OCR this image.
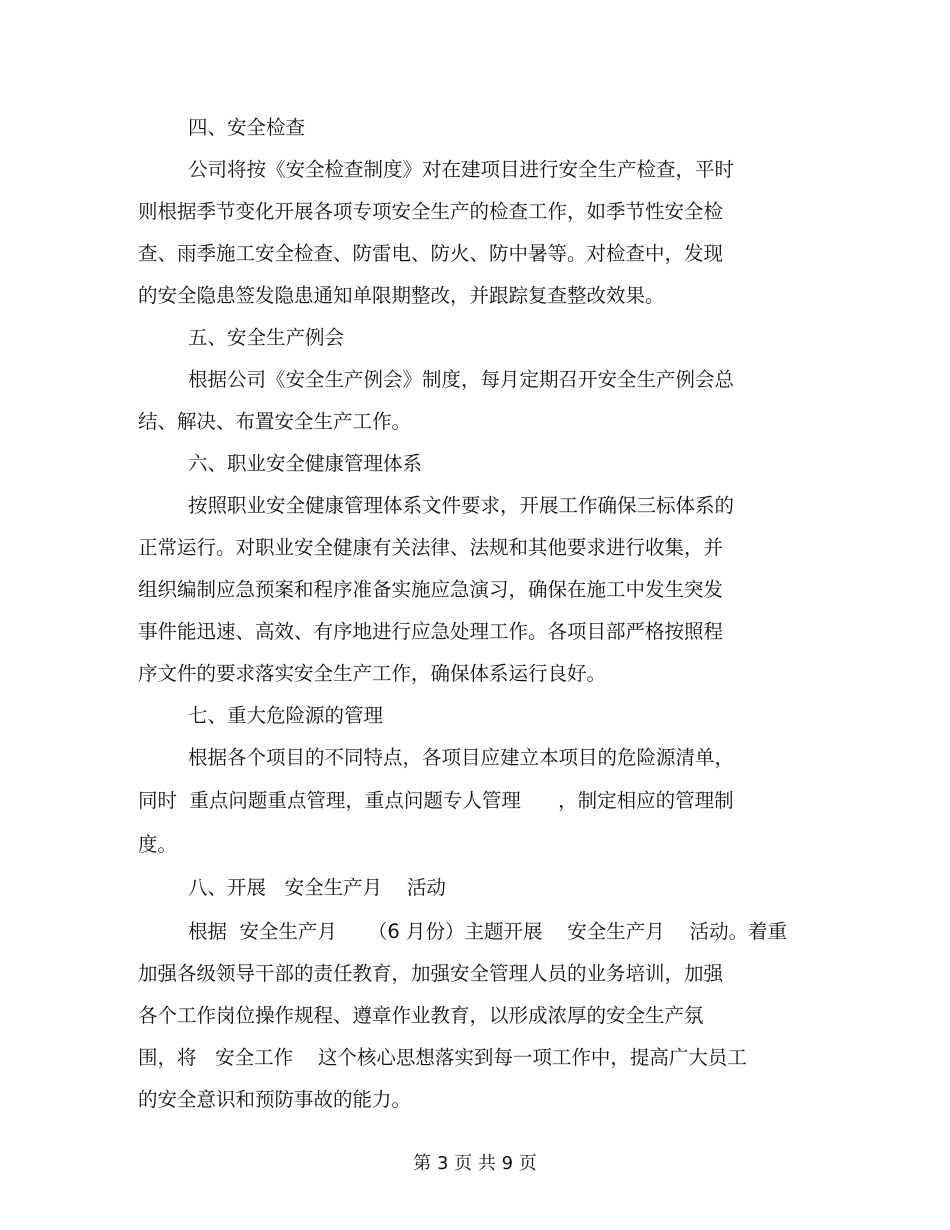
四、安全检查
公司将按《安全检查制度》对在建项目进行安全生产检查，平时
则根据季节变化开展各项专项安全生产的检查工作，如季节性安全检
查、雨季施工安全检查、防雷电、防火、防中暑等。对检查中，发现
的安全隐患签发隐患通知单限期整改，并跟踪复查整改效果。
五、安全生产例会
根据公司《安全生产例会》制度，每月定期召开安全生产例会总
结、解决、布置安全生产工作。
六、职业安全健康管理体系
按照职业安全健康管理体系文件要求，开展工作确保三标体系的
正常运行。对职业安全健康有关法律、法规和其他要求进行收集，并
组织编制应急预案和程序准备实施应急演习，确保在施工中发生突发
事件能迅速、高效、有序地进行应急处理工作。各项目部严格按照程
序文件的要求落实安全生产工作，确保体系运行良好。
七、重大危险源的管理
根据各个项目的不同特点，各项目应建立本项目的危险源清单，
同时  重点问题重点管理，重点问题专人管理      ，制定相应的管理制
度。
八、开展   安全生产月    活动
根据  安全生产月     （6 月份）主题开展    安全生产月    活动。着重
加强各级领导干部的责任教育，加强安全管理人员的业务培训，加强
各个工作岗位操作规程、遵章作业教育，以形成浓厚的安全生产氛
围，将   安全工作    这个核心思想落实到每一项工作中，提高广大员工
的安全意识和预防事故的能力。
第 3 页 共 9 页
